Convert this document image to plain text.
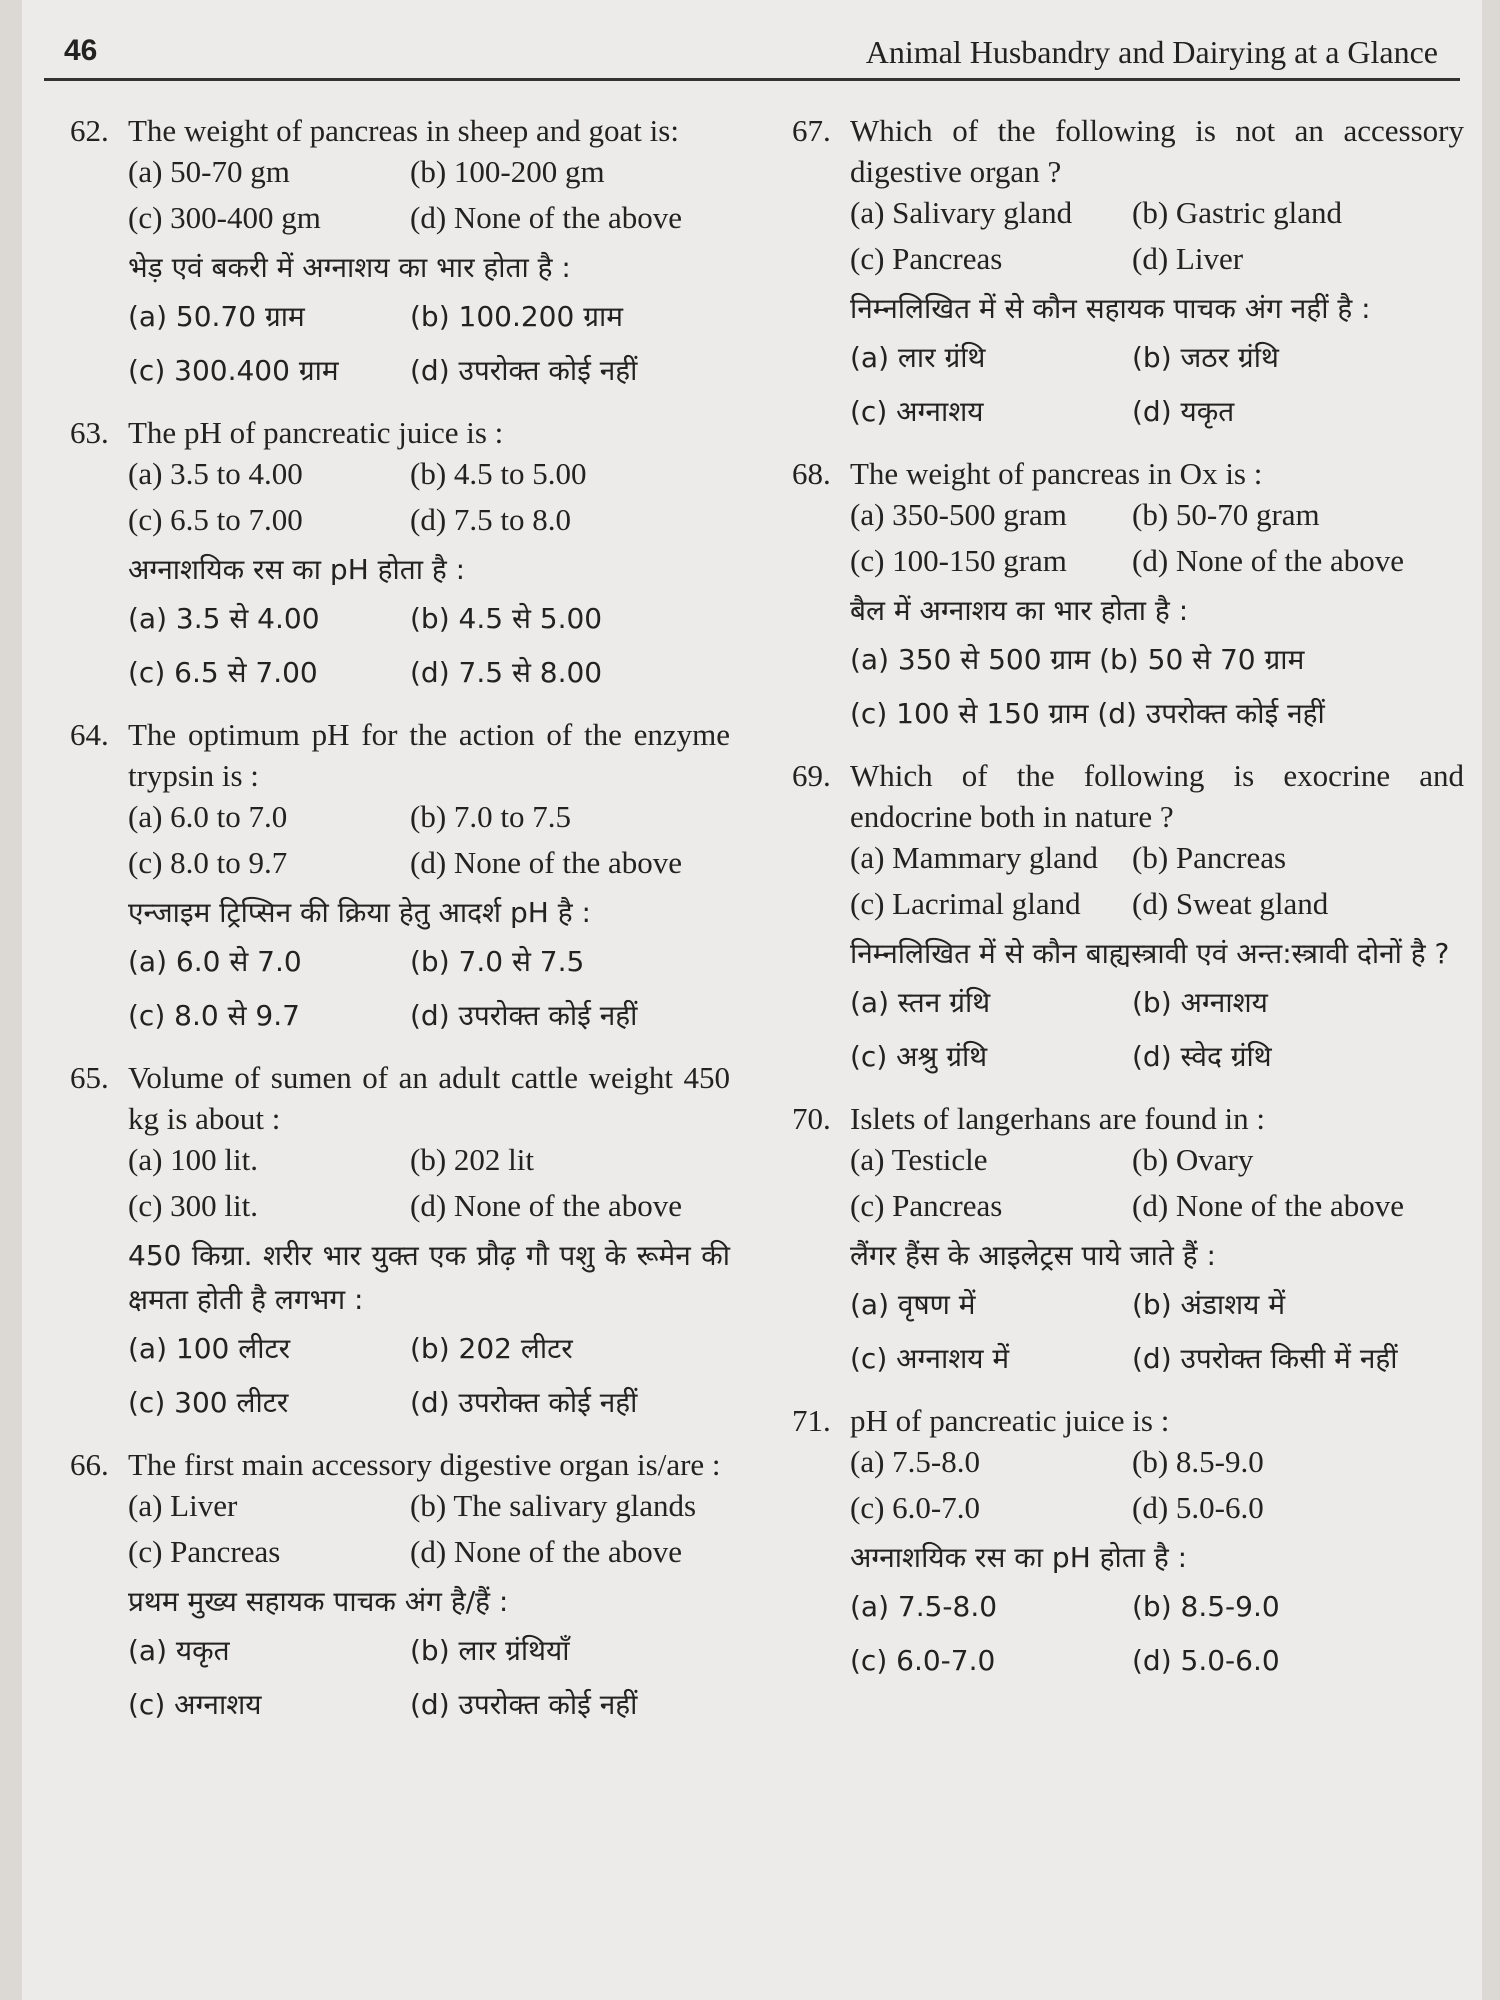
46	Animal Husbandry and Dairying at a Glance
62. The weight of pancreas in sheep and goat is:
(a) 50-70 gm	(b) 100-200 gm
(c) 300-400 gm	(d) None of the above
भेड़ एवं बकरी में अग्नाशय का भार होता है :
(a) 50.70 ग्राम	(b) 100.200 ग्राम
(c) 300.400 ग्राम	(d) उपरोक्त कोई नहीं
63. The pH of pancreatic juice is :
(a) 3.5 to 4.00	(b) 4.5 to 5.00
(c) 6.5 to 7.00	(d) 7.5 to 8.0
अग्नाशयिक रस का pH होता है :
(a) 3.5 से 4.00	(b) 4.5 से 5.00
(c) 6.5 से 7.00	(d) 7.5 से 8.00
64. The optimum pH for the action of the enzyme trypsin is :
(a) 6.0 to 7.0	(b) 7.0 to 7.5
(c) 8.0 to 9.7	(d) None of the above
एन्जाइम ट्रिप्सिन की क्रिया हेतु आदर्श pH है :
(a) 6.0 से 7.0	(b) 7.0 से 7.5
(c) 8.0 से 9.7	(d) उपरोक्त कोई नहीं
65. Volume of sumen of an adult cattle weight 450 kg is about :
(a) 100 lit.	(b) 202 lit
(c) 300 lit.	(d) None of the above
450 किग्रा. शरीर भार युक्त एक प्रौढ़ गौ पशु के रूमेन की क्षमता होती है लगभग :
(a) 100 लीटर	(b) 202 लीटर
(c) 300 लीटर	(d) उपरोक्त कोई नहीं
66. The first main accessory digestive organ is/are :
(a) Liver	(b) The salivary glands
(c) Pancreas	(d) None of the above
प्रथम मुख्य सहायक पाचक अंग है/हैं :
(a) यकृत	(b) लार ग्रंथियाँ
(c) अग्नाशय	(d) उपरोक्त कोई नहीं
67. Which of the following is not an accessory digestive organ ?
(a) Salivary gland	(b) Gastric gland
(c) Pancreas	(d) Liver
निम्नलिखित में से कौन सहायक पाचक अंग नहीं है :
(a) लार ग्रंथि	(b) जठर ग्रंथि
(c) अग्नाशय	(d) यकृत
68. The weight of pancreas in Ox is :
(a) 350-500 gram	(b) 50-70 gram
(c) 100-150 gram	(d) None of the above
बैल में अग्नाशय का भार होता है :
(a) 350 से 500 ग्राम (b) 50 से 70 ग्राम
(c) 100 से 150 ग्राम (d) उपरोक्त कोई नहीं
69. Which of the following is exocrine and endocrine both in nature ?
(a) Mammary gland	(b) Pancreas
(c) Lacrimal gland	(d) Sweat gland
निम्नलिखित में से कौन बाह्यस्त्रावी एवं अन्त:स्त्रावी दोनों है ?
(a) स्तन ग्रंथि	(b) अग्नाशय
(c) अश्रु ग्रंथि	(d) स्वेद ग्रंथि
70. Islets of langerhans are found in :
(a) Testicle	(b) Ovary
(c) Pancreas	(d) None of the above
लैंगर हैंस के आइलेट्रस पाये जाते हैं :
(a) वृषण में	(b) अंडाशय में
(c) अग्नाशय में	(d) उपरोक्त किसी में नहीं
71. pH of pancreatic juice is :
(a) 7.5-8.0	(b) 8.5-9.0
(c) 6.0-7.0	(d) 5.0-6.0
अग्नाशयिक रस का pH होता है :
(a) 7.5-8.0	(b) 8.5-9.0
(c) 6.0-7.0	(d) 5.0-6.0
